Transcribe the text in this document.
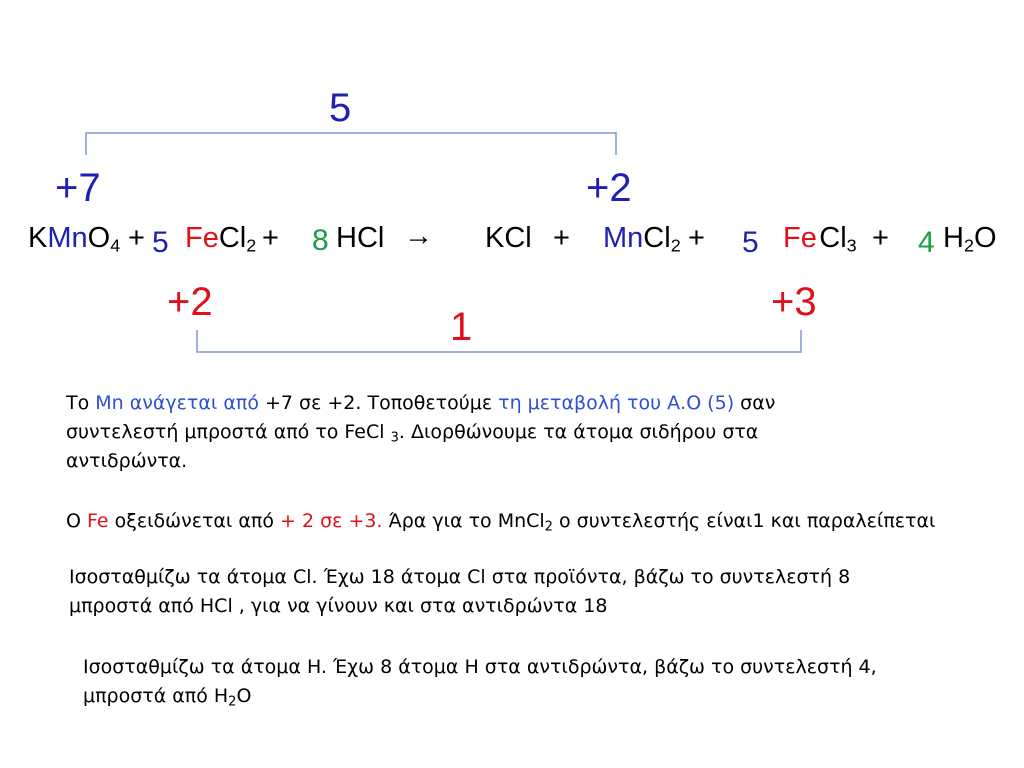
5
+7	+2
KMnO$_4$ + 5 FeCl$_2$ + 8 HCl → KCl + MnCl$_2$ + 5 Fe $Cl_3 + 4$ $H_2O$
+2	+3
1
Το Mn ανάγεται από +7 σε +2. Τοποθετούμε τη μεταβολή του Α.Ο (5) σαν
συντελεστή μπροστά από το FeCl $_3$. Διορθώνουμε τα άτομα σιδήρου στα
αντιδρώντα.
Ο Fe οξειδώνεται από + 2 σε +3. Άρα για το MnCl$_2$ ο συντελεστής είναι1 και παραλείπεται
Ισοσταθμίζω τα άτομα Cl. Έχω 18 άτομα Cl στα προϊόντα, βάζω το συντελεστή 8
μπροστά από HCl , για να γίνουν και στα αντιδρώντα 18
Ισοσταθμίζω τα άτομα H. Έχω 8 άτομα H στα αντιδρώντα, βάζω το συντελεστή 4,
μπροστά από $H_2O$
